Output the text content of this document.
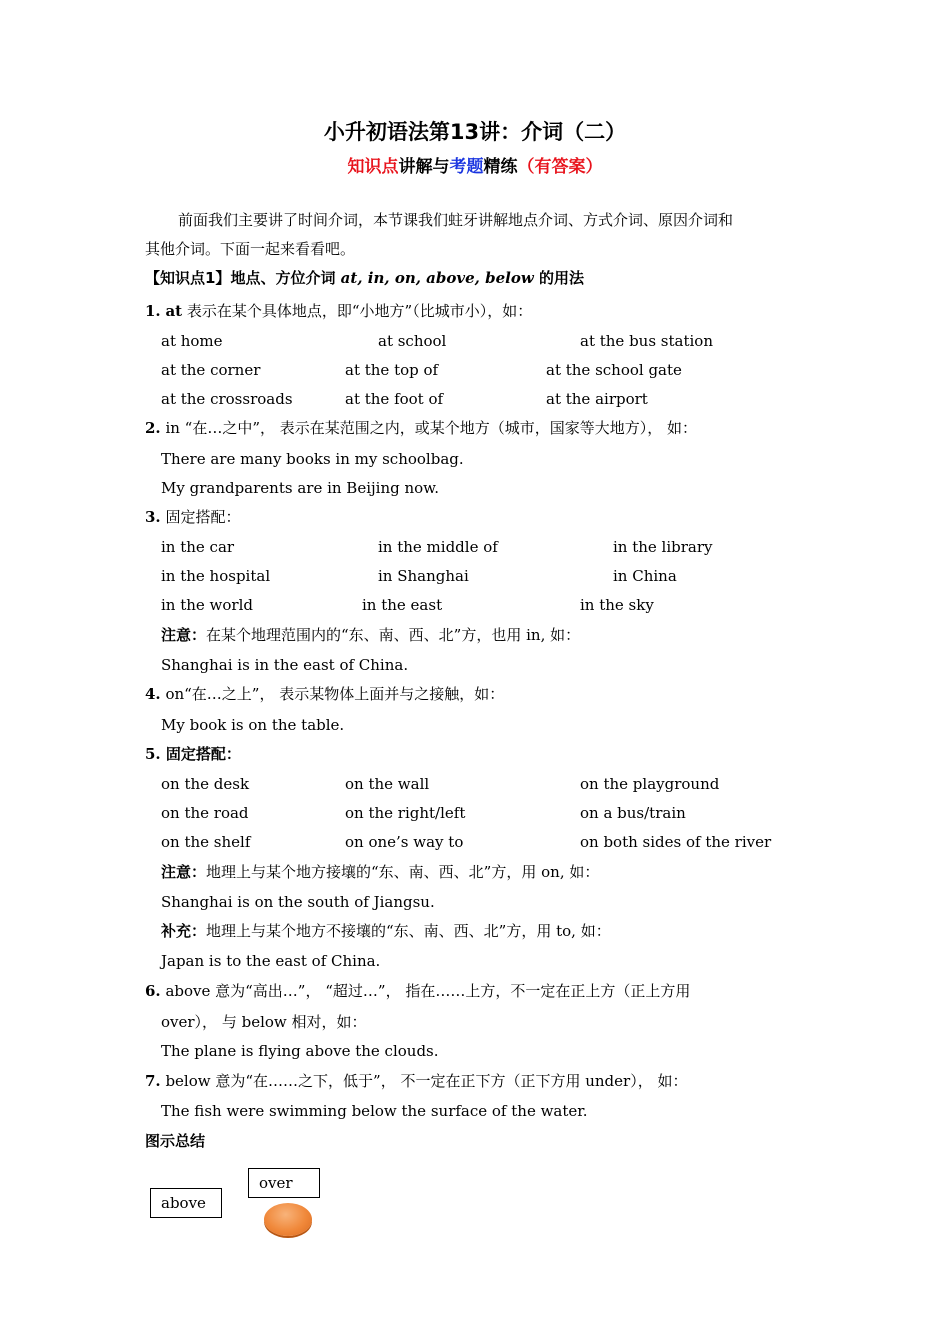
小升初语法第13讲：介词（二）
知识点讲解与考题精练（有答案）
前面我们主要讲了时间介词，本节课我们蛀牙讲解地点介词、方式介词、原因介词和
其他介词。下面一起来看看吧。
【知识点1】地点、方位介词 at, in, on, above, below 的用法
1. at 表示在某个具体地点，即“小地方”（比城市小），如：
at home	at school	at the bus station
at the corner	at the top of	at the school gate
at the crossroads	at the foot of	at the airport
2. in “在…之中”， 表示在某范围之内，或某个地方（城市，国家等大地方）， 如：
There are many books in my schoolbag.
My grandparents are in Beijing now.
3. 固定搭配：
in the car	in the middle of	in the library
in the hospital	in Shanghai	in China
in the world	in the east	in the sky
注意：在某个地理范围内的“东、南、西、北”方，也用 in, 如：
Shanghai is in the east of China.
4. on“在…之上”， 表示某物体上面并与之接触，如：
My book is on the table.
5. 固定搭配：
on the desk	on the wall	on the playground
on the road	on the right/left	on a bus/train
on the shelf	on one’s way to	on both sides of the river
注意：地理上与某个地方接壤的“东、南、西、北”方，用 on, 如：
Shanghai is on the south of Jiangsu.
补充：地理上与某个地方不接壤的“东、南、西、北”方，用 to, 如：
Japan is to the east of China.
6. above 意为“高出…”， “超过…”， 指在……上方，不一定在正上方（正上方用
over）， 与 below 相对，如：
The plane is flying above the clouds.
7. below 意为“在……之下，低于”， 不一定在正下方（正下方用 under）， 如：
The fish were swimming below the surface of the water.
图示总结
above
over
